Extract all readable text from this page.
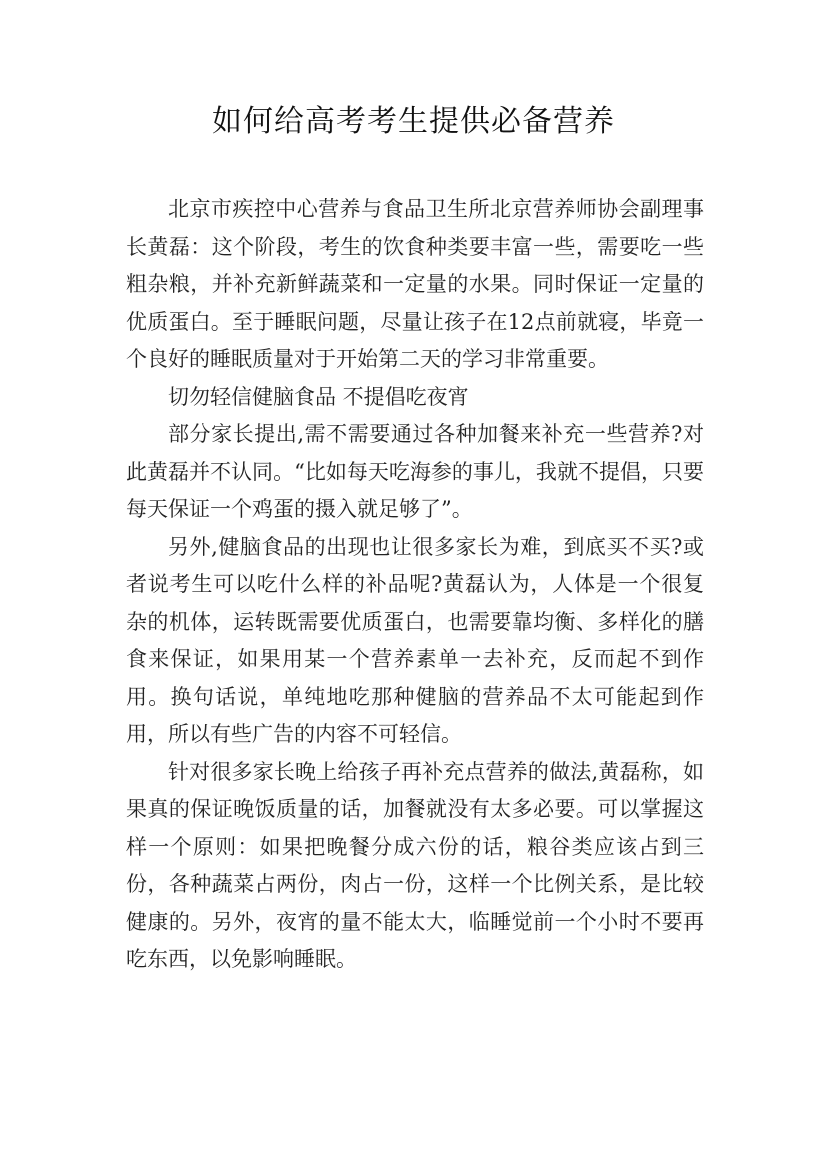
如何给高考考生提供必备营养

北京市疾控中心营养与食品卫生所北京营养师协会副理事长黄磊：这个阶段，考生的饮食种类要丰富一些，需要吃一些粗杂粮，并补充新鲜蔬菜和一定量的水果。同时保证一定量的优质蛋白。至于睡眠问题，尽量让孩子在12点前就寝，毕竟一个良好的睡眠质量对于开始第二天的学习非常重要。

切勿轻信健脑食品 不提倡吃夜宵

部分家长提出,需不需要通过各种加餐来补充一些营养?对此黄磊并不认同。“比如每天吃海参的事儿，我就不提倡，只要每天保证一个鸡蛋的摄入就足够了”。

另外,健脑食品的出现也让很多家长为难，到底买不买?或者说考生可以吃什么样的补品呢?黄磊认为，人体是一个很复杂的机体，运转既需要优质蛋白，也需要靠均衡、多样化的膳食来保证，如果用某一个营养素单一去补充，反而起不到作用。换句话说，单纯地吃那种健脑的营养品不太可能起到作用，所以有些广告的内容不可轻信。

针对很多家长晚上给孩子再补充点营养的做法,黄磊称，如果真的保证晚饭质量的话，加餐就没有太多必要。可以掌握这样一个原则：如果把晚餐分成六份的话，粮谷类应该占到三份，各种蔬菜占两份，肉占一份，这样一个比例关系，是比较健康的。另外，夜宵的量不能太大，临睡觉前一个小时不要再吃东西，以免影响睡眠。
